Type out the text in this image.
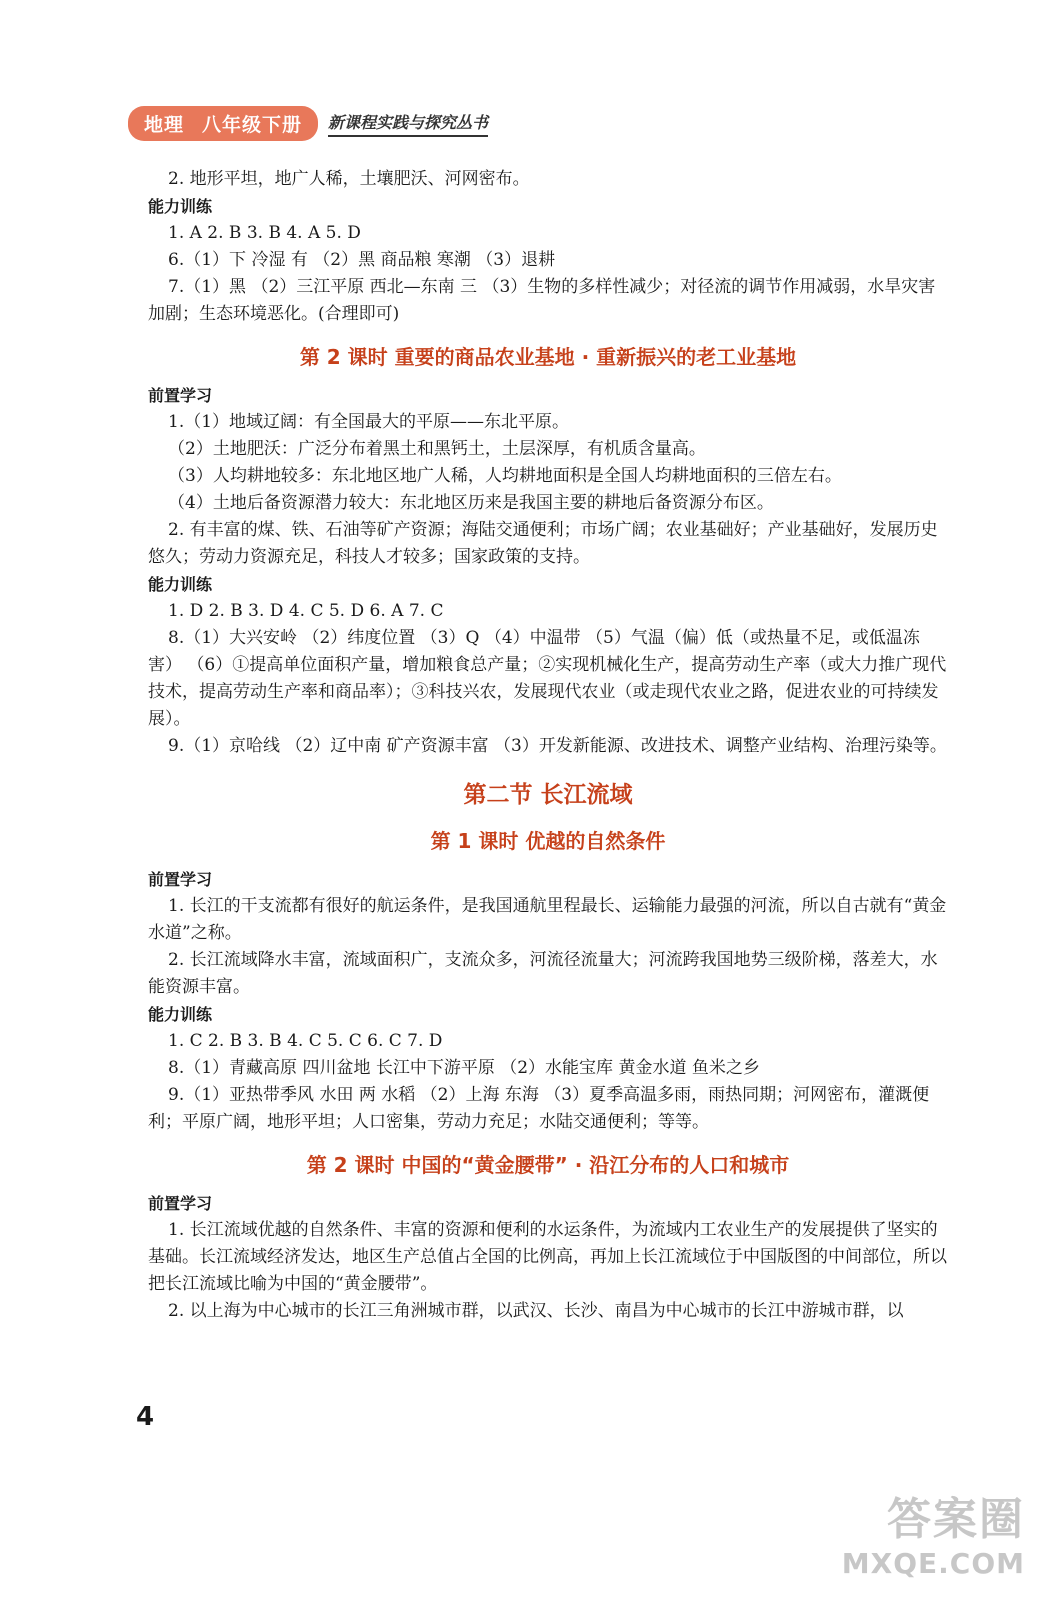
地理 八年级下册 新课程实践与探究丛书

2. 地形平坦，地广人稀，土壤肥沃、河网密布。

能力训练

1. A 2. B 3. B 4. A 5. D

6.（1）下 冷湿 有 （2）黑 商品粮 寒潮 （3）退耕

7.（1）黑 （2）三江平原 西北—东南 三 （3）生物的多样性减少；对径流的调节作用减弱，水旱灾害加剧；生态环境恶化。(合理即可)

第 2 课时 重要的商品农业基地 · 重新振兴的老工业基地

前置学习

1.（1）地域辽阔：有全国最大的平原——东北平原。

（2）土地肥沃：广泛分布着黑土和黑钙土，土层深厚，有机质含量高。

（3）人均耕地较多：东北地区地广人稀，人均耕地面积是全国人均耕地面积的三倍左右。

（4）土地后备资源潜力较大：东北地区历来是我国主要的耕地后备资源分布区。

2. 有丰富的煤、铁、石油等矿产资源；海陆交通便利；市场广阔；农业基础好；产业基础好，发展历史悠久；劳动力资源充足，科技人才较多；国家政策的支持。

能力训练

1. D 2. B 3. D 4. C 5. D 6. A 7. C

8.（1）大兴安岭 （2）纬度位置 （3）Q （4）中温带 （5）气温（偏）低（或热量不足，或低温冻害） （6）①提高单位面积产量，增加粮食总产量；②实现机械化生产，提高劳动生产率（或大力推广现代技术，提高劳动生产率和商品率）；③科技兴农，发展现代农业（或走现代农业之路，促进农业的可持续发展）。

9.（1）京哈线 （2）辽中南 矿产资源丰富 （3）开发新能源、改进技术、调整产业结构、治理污染等。

第二节 长江流域
第 1 课时 优越的自然条件

前置学习

1. 长江的干支流都有很好的航运条件，是我国通航里程最长、运输能力最强的河流，所以自古就有“黄金水道”之称。

2. 长江流域降水丰富，流域面积广，支流众多，河流径流量大；河流跨我国地势三级阶梯，落差大，水能资源丰富。

能力训练

1. C 2. B 3. B 4. C 5. C 6. C 7. D

8.（1）青藏高原 四川盆地 长江中下游平原 （2）水能宝库 黄金水道 鱼米之乡

9.（1）亚热带季风 水田 两 水稻 （2）上海 东海 （3）夏季高温多雨，雨热同期；河网密布，灌溉便利；平原广阔，地形平坦；人口密集，劳动力充足；水陆交通便利；等等。

第 2 课时 中国的“黄金腰带” · 沿江分布的人口和城市

前置学习

1. 长江流域优越的自然条件、丰富的资源和便利的水运条件，为流域内工农业生产的发展提供了坚实的基础。长江流域经济发达，地区生产总值占全国的比例高，再加上长江流域位于中国版图的中间部位，所以把长江流域比喻为中国的“黄金腰带”。

2. 以上海为中心城市的长江三角洲城市群，以武汉、长沙、南昌为中心城市的长江中游城市群，以

4
答案圈
MXQE.COM
